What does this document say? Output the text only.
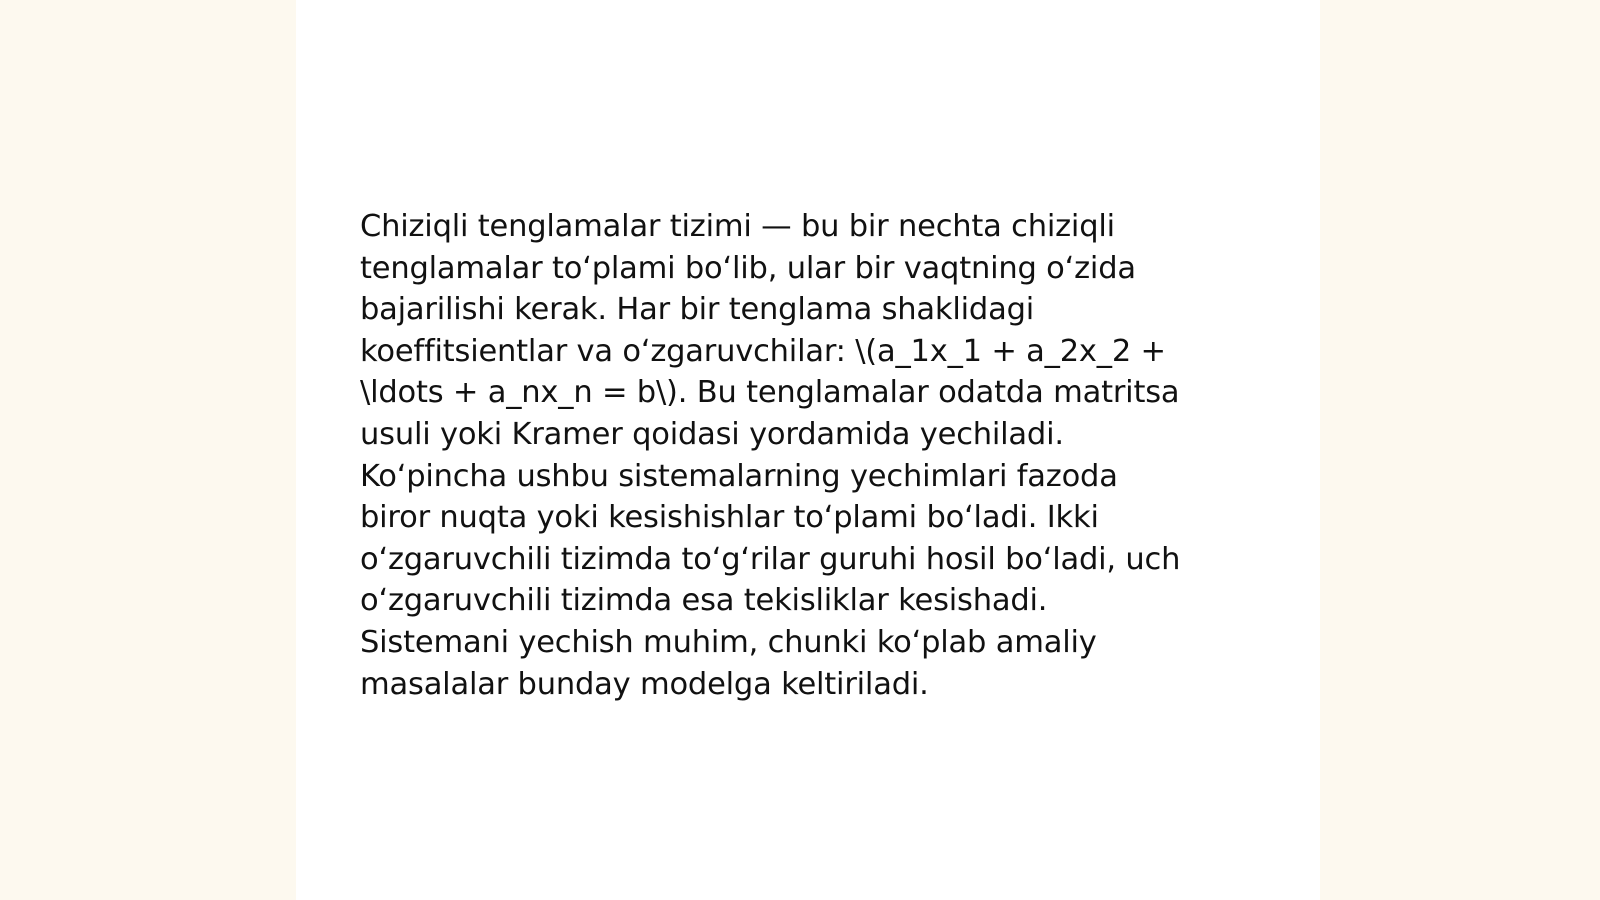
Chiziqli tenglamalar tizimi — bu bir nechta chiziqli
tenglamalar toʻplami boʻlib, ular bir vaqtning oʻzida
bajarilishi kerak. Har bir tenglama shaklidagi
koeffitsientlar va oʻzgaruvchilar: \(a_1x_1 + a_2x_2 +
\ldots + a_nx_n = b\). Bu tenglamalar odatda matritsa
usuli yoki Kramer qoidasi yordamida yechiladi.
Koʻpincha ushbu sistemalarning yechimlari fazoda
biror nuqta yoki kesishishlar toʻplami boʻladi. Ikki
oʻzgaruvchili tizimda toʻgʻrilar guruhi hosil boʻladi, uch
oʻzgaruvchili tizimda esa tekisliklar kesishadi.
Sistemani yechish muhim, chunki koʻplab amaliy
masalalar bunday modelga keltiriladi.
